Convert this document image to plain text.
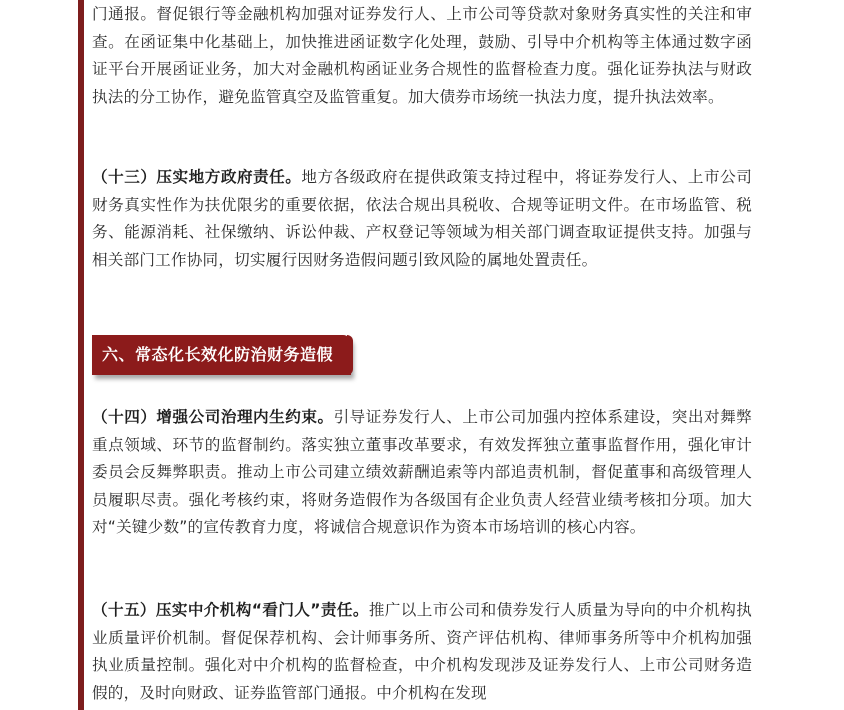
门通报。督促银行等金融机构加强对证券发行人、上市公司等贷款对象财务真实性的关注和审查。在函证集中化基础上，加快推进函证数字化处理，鼓励、引导中介机构等主体通过数字函证平台开展函证业务，加大对金融机构函证业务合规性的监督检查力度。强化证券执法与财政执法的分工协作，避免监管真空及监管重复。加大债券市场统一执法力度，提升执法效率。

（十三）压实地方政府责任。地方各级政府在提供政策支持过程中，将证券发行人、上市公司财务真实性作为扶优限劣的重要依据，依法合规出具税收、合规等证明文件。在市场监管、税务、能源消耗、社保缴纳、诉讼仲裁、产权登记等领域为相关部门调查取证提供支持。加强与相关部门工作协同，切实履行因财务造假问题引致风险的属地处置责任。

六、常态化长效化防治财务造假

（十四）增强公司治理内生约束。引导证券发行人、上市公司加强内控体系建设，突出对舞弊重点领域、环节的监督制约。落实独立董事改革要求，有效发挥独立董事监督作用，强化审计委员会反舞弊职责。推动上市公司建立绩效薪酬追索等内部追责机制，督促董事和高级管理人员履职尽责。强化考核约束，将财务造假作为各级国有企业负责人经营业绩考核扣分项。加大对“关键少数”的宣传教育力度，将诚信合规意识作为资本市场培训的核心内容。

（十五）压实中介机构“看门人”责任。推广以上市公司和债券发行人质量为导向的中介机构执业质量评价机制。督促保荐机构、会计师事务所、资产评估机构、律师事务所等中介机构加强执业质量控制。强化对中介机构的监督检查，中介机构发现涉及证券发行人、上市公司财务造假的，及时向财政、证券监管部门通报。中介机构在发现
